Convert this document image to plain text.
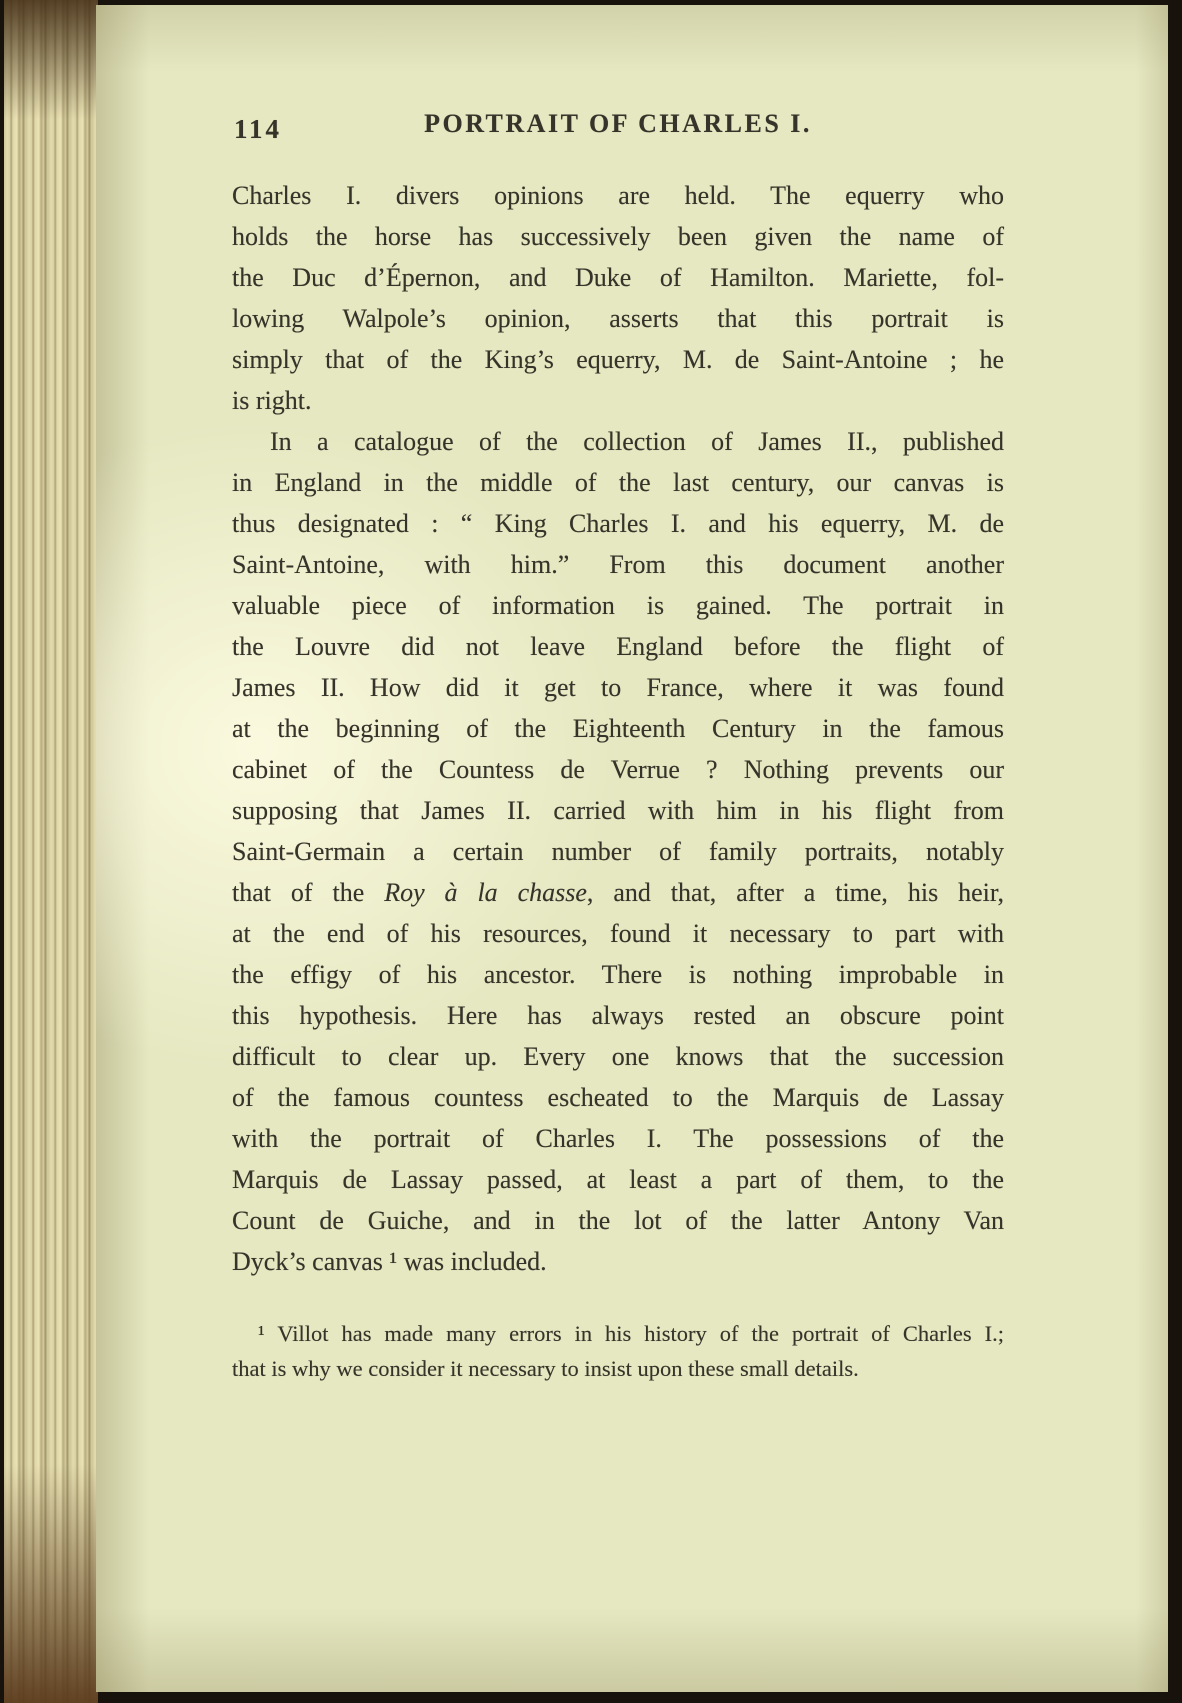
114	PORTRAIT OF CHARLES I.
Charles I. divers opinions are held. The equerry who
holds the horse has successively been given the name of
the Duc d’Épernon, and Duke of Hamilton. Mariette, fol-
lowing Walpole’s opinion, asserts that this portrait is
simply that of the King’s equerry, M. de Saint-Antoine ; he
is right.
In a catalogue of the collection of James II., published
in England in the middle of the last century, our canvas is
thus designated : “ King Charles I. and his equerry, M. de
Saint-Antoine, with him.” From this document another
valuable piece of information is gained. The portrait in
the Louvre did not leave England before the flight of
James II. How did it get to France, where it was found
at the beginning of the Eighteenth Century in the famous
cabinet of the Countess de Verrue ? Nothing prevents our
supposing that James II. carried with him in his flight from
Saint-Germain a certain number of family portraits, notably
that of the Roy à la chasse, and that, after a time, his heir,
at the end of his resources, found it necessary to part with
the effigy of his ancestor. There is nothing improbable in
this hypothesis. Here has always rested an obscure point
difficult to clear up. Every one knows that the succession
of the famous countess escheated to the Marquis de Lassay
with the portrait of Charles I. The possessions of the
Marquis de Lassay passed, at least a part of them, to the
Count de Guiche, and in the lot of the latter Antony Van
Dyck’s canvas ¹ was included.
¹ Villot has made many errors in his history of the portrait of Charles I.;
that is why we consider it necessary to insist upon these small details.
